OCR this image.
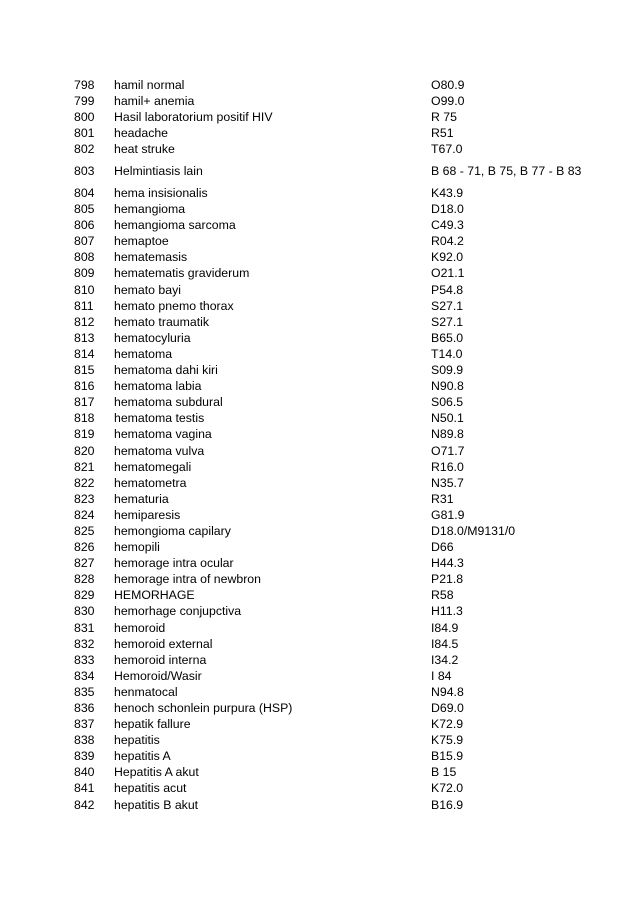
798	hamil normal	O80.9
799	hamil+ anemia	O99.0
800	Hasil laboratorium positif HIV	R 75
801	headache	R51
802	heat struke	T67.0
803	Helmintiasis lain	B 68 - 71, B 75, B 77 - B 83
804	hema insisionalis	K43.9
805	hemangioma	D18.0
806	hemangioma sarcoma	C49.3
807	hemaptoe	R04.2
808	hematemasis	K92.0
809	hematematis graviderum	O21.1
810	hemato bayi	P54.8
811	hemato pnemo thorax	S27.1
812	hemato traumatik	S27.1
813	hematocyluria	B65.0
814	hematoma	T14.0
815	hematoma dahi kiri	S09.9
816	hematoma labia	N90.8
817	hematoma subdural	S06.5
818	hematoma testis	N50.1
819	hematoma vagina	N89.8
820	hematoma vulva	O71.7
821	hematomegali	R16.0
822	hematometra	N35.7
823	hematuria	R31
824	hemiparesis	G81.9
825	hemongioma capilary	D18.0/M9131/0
826	hemopili	D66
827	hemorage intra ocular	H44.3
828	hemorage intra of newbron	P21.8
829	HEMORHAGE	R58
830	hemorhage conjupctiva	H11.3
831	hemoroid	I84.9
832	hemoroid external	I84.5
833	hemoroid interna	I34.2
834	Hemoroid/Wasir	I 84
835	henmatocal	N94.8
836	henoch schonlein purpura (HSP)	D69.0
837	hepatik fallure	K72.9
838	hepatitis	K75.9
839	hepatitis A	B15.9
840	Hepatitis A akut	B 15
841	hepatitis acut	K72.0
842	hepatitis B akut	B16.9
